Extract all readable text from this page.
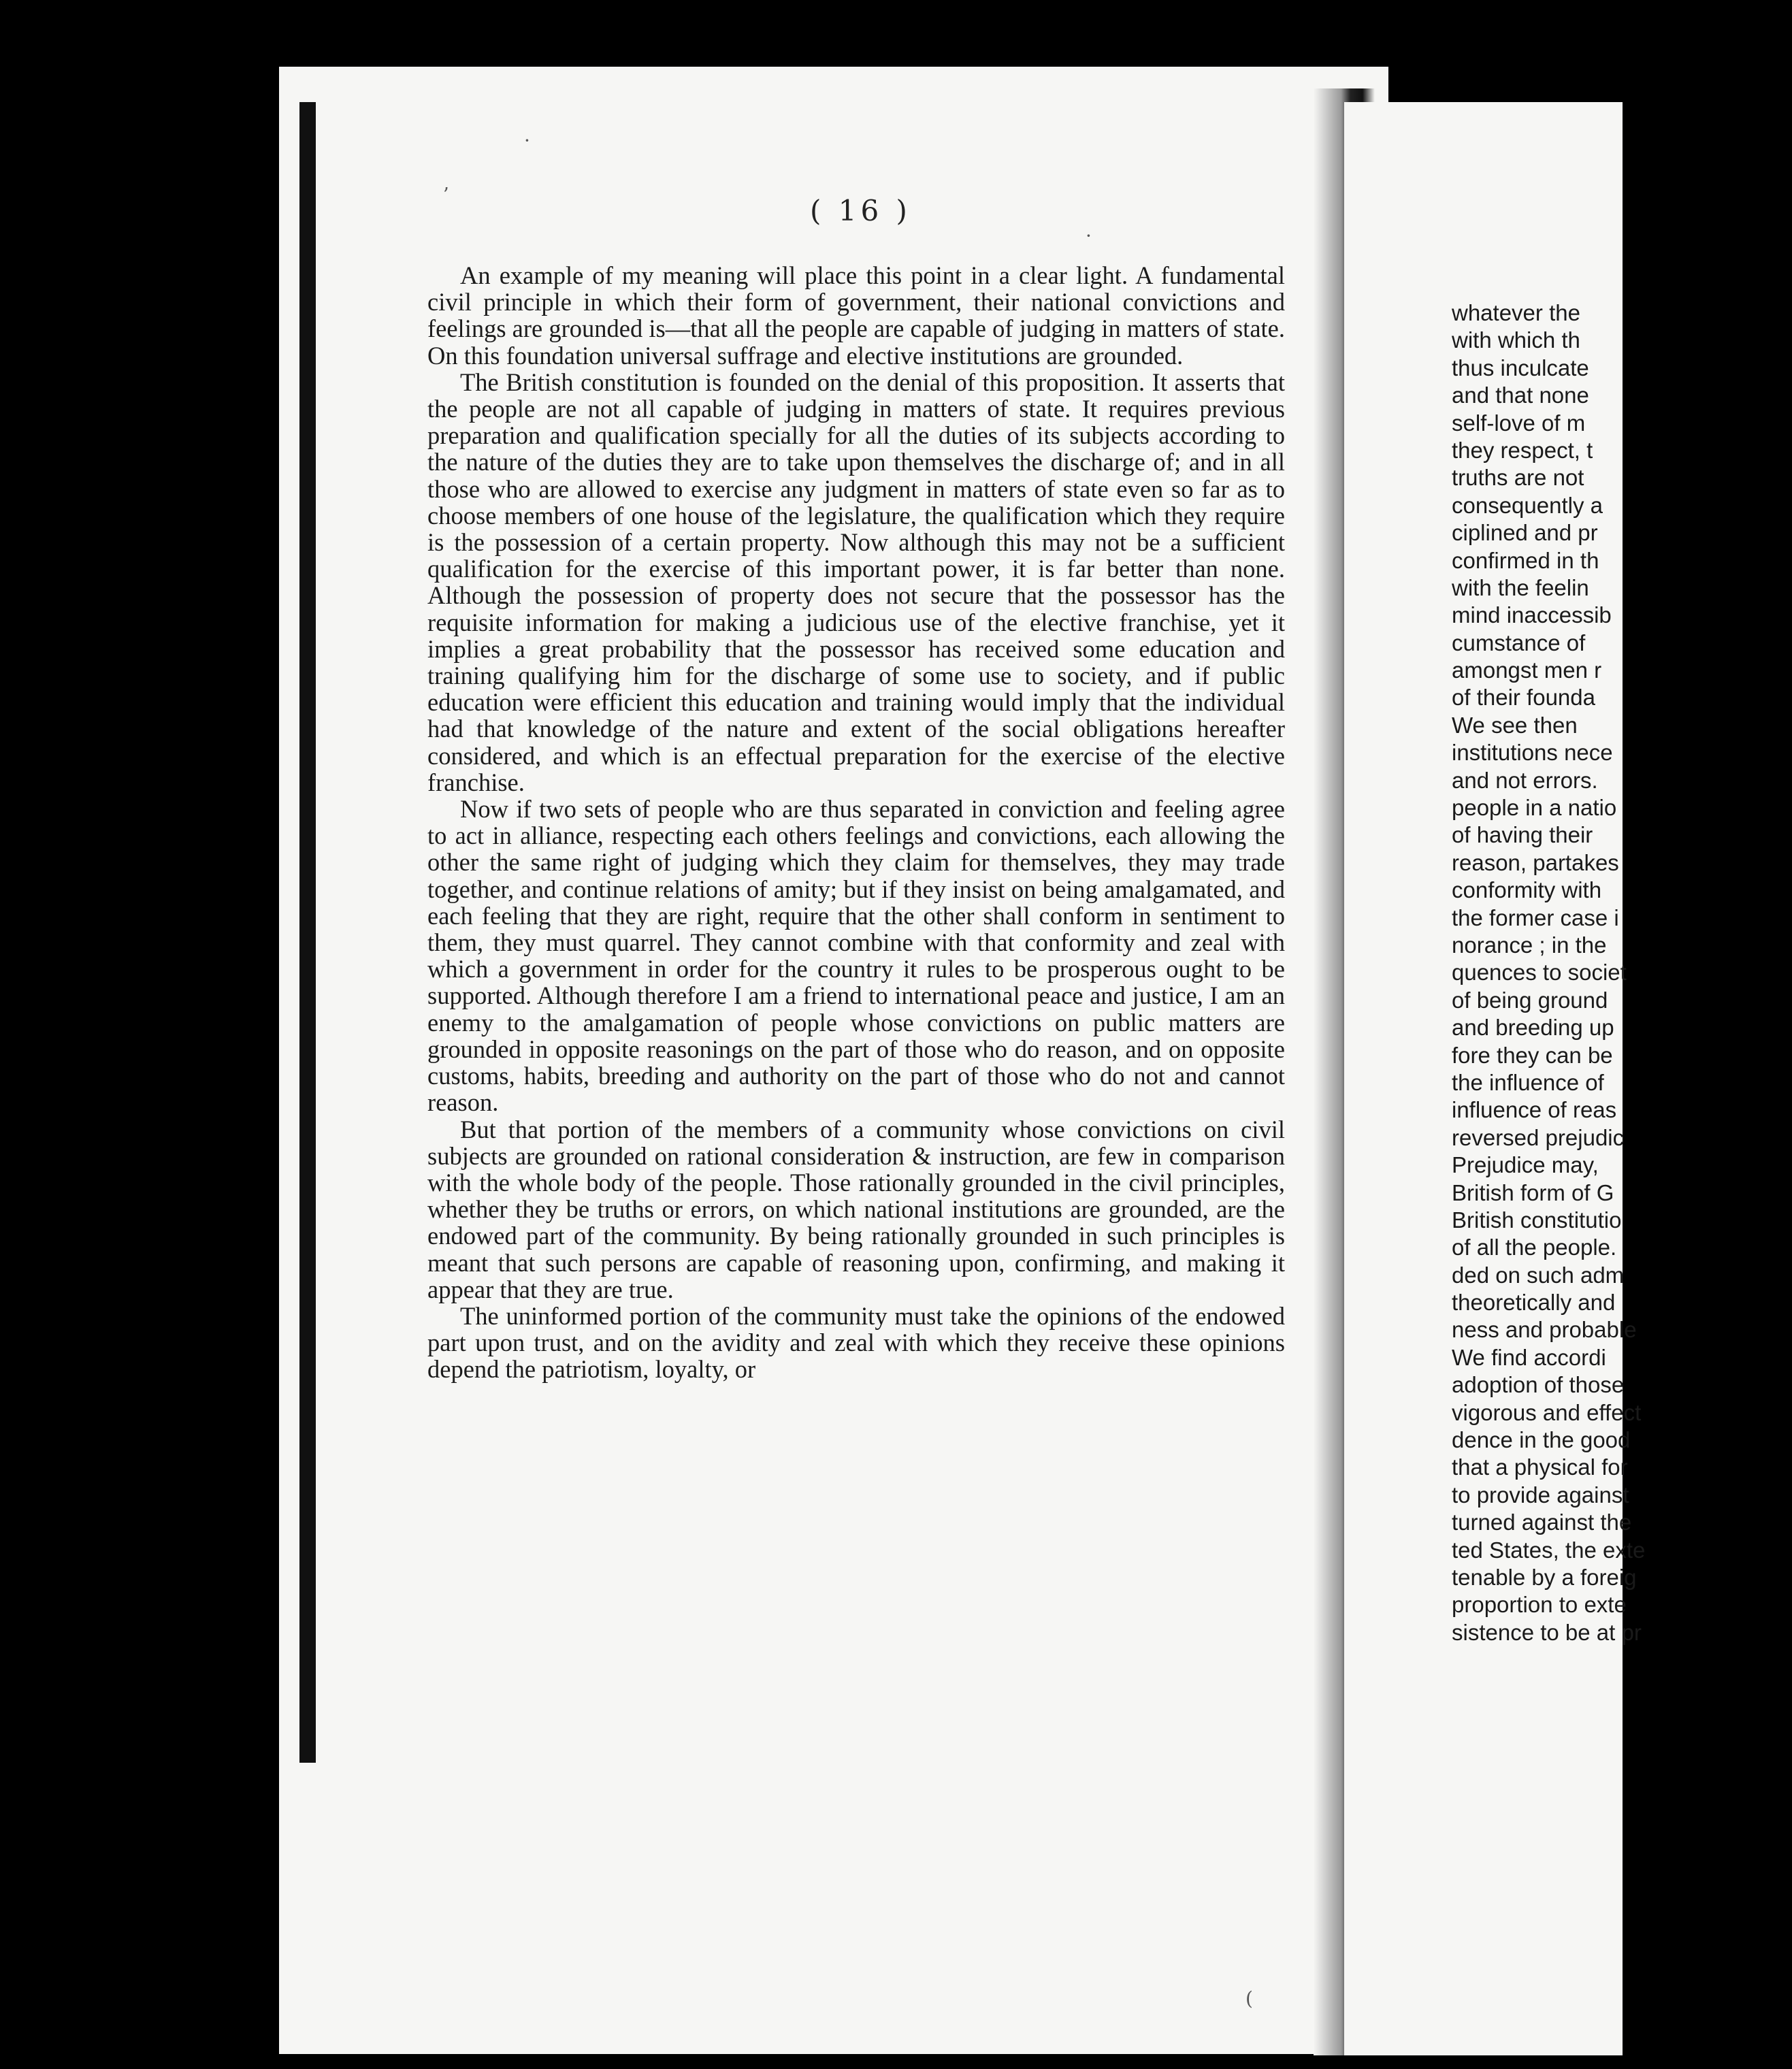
( 16 )

An example of my meaning will place this point in a clear light. A fundamental civil principle in which their form of government, their national convictions and feelings are grounded is—that all the people are capable of judging in matters of state. On this foundation universal suffrage and elective institutions are grounded.

The British constitution is founded on the denial of this proposition. It asserts that the people are not all capable of judging in matters of state. It requires previous preparation and qualification specially for all the duties of its subjects according to the nature of the duties they are to take upon themselves the discharge of; and in all those who are allowed to exercise any judgment in matters of state even so far as to choose members of one house of the legislature, the qualification which they require is the possession of a certain property. Now although this may not be a sufficient qualification for the exercise of this important power, it is far better than none. Although the possession of property does not secure that the possessor has the requisite information for making a judicious use of the elective franchise, yet it implies a great probability that the possessor has received some education and training qualifying him for the discharge of some use to society, and if public education were efficient this education and training would imply that the individual had that knowledge of the nature and extent of the social obligations hereafter considered, and which is an effectual preparation for the exercise of the elective franchise.

Now if two sets of people who are thus separated in conviction and feeling agree to act in alliance, respecting each others feelings and convictions, each allowing the other the same right of judging which they claim for themselves, they may trade together, and continue relations of amity; but if they insist on being amalgamated, and each feeling that they are right, require that the other shall conform in sentiment to them, they must quarrel. They cannot combine with that conformity and zeal with which a government in order for the country it rules to be prosperous ought to be supported. Although therefore I am a friend to international peace and justice, I am an enemy to the amalgamation of people whose convictions on public matters are grounded in opposite reasonings on the part of those who do reason, and on opposite customs, habits, breeding and authority on the part of those who do not and cannot reason.

But that portion of the members of a community whose convictions on civil subjects are grounded on rational consideration & instruction, are few in comparison with the whole body of the people. Those rationally grounded in the civil principles, whether they be truths or errors, on which national institutions are grounded, are the endowed part of the community. By being rationally grounded in such principles is meant that such persons are capable of reasoning upon, confirming, and making it appear that they are true.

The uninformed portion of the community must take the opinions of the endowed part upon trust, and on the avidity and zeal with which they receive these opinions depend the patriotism, loyalty, or

whatever the
with which th
thus inculcate
and that none
self-love of m
they respect, t
truths are not
consequently a
ciplined and pr
confirmed in th
with the feelin
mind inaccessib
cumstance of
amongst men r
of their founda
We see then
institutions nece
and not errors.
people in a natio
of having their
reason, partakes
conformity with
the former case i
norance ; in the
quences to societ
of being ground
and breeding up
fore they can be
the influence of
influence of reas
reversed prejudic
Prejudice may,
British form of G
British constitutio
of all the people.
ded on such adm
theoretically and
ness and probable
We find accordi
adoption of those
vigorous and effect
dence in the good
that a physical for
to provide against
turned against the
ted States, the exte
tenable by a foreig
proportion to exte
sistence to be at pr
·
ʼ
·
(
